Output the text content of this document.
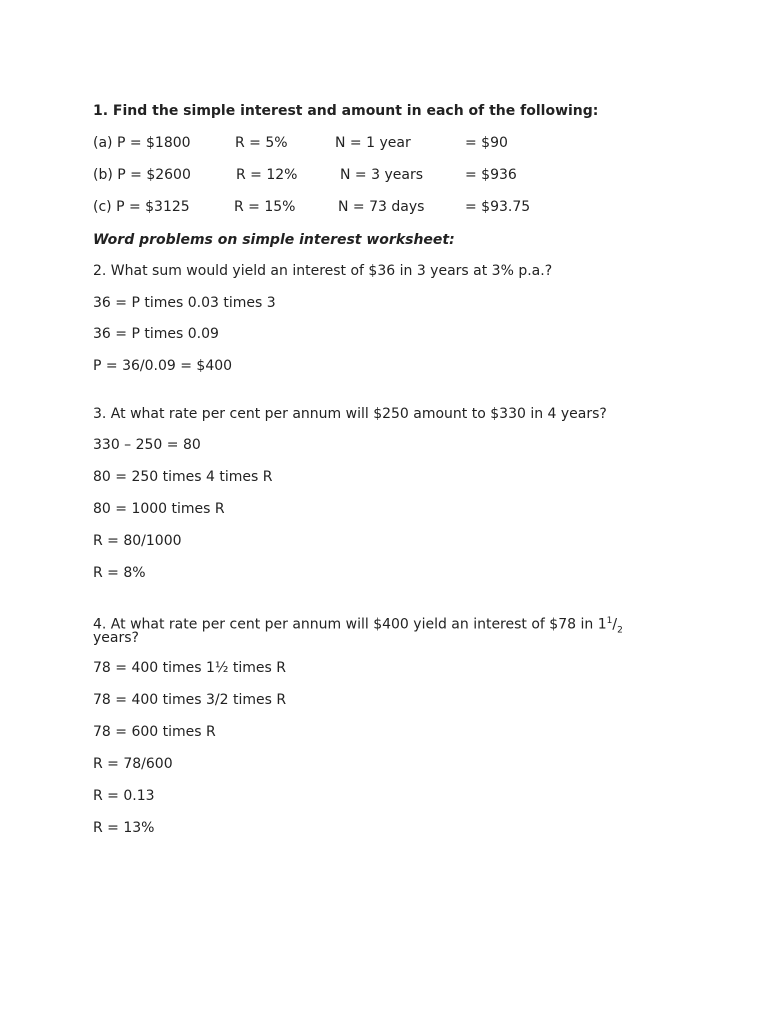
1. Find the simple interest and amount in each of the following:
(a) P = $1800	R = 5%	N = 1 year	= $90
(b) P = $2600	R = 12%	N = 3 years	= $936
(c) P = $3125	R = 15%	N = 73 days	= $93.75
Word problems on simple interest worksheet:
2. What sum would yield an interest of $36 in 3 years at 3% p.a.?
36 = P times 0.03 times 3
36 = P times 0.09
P = 36/0.09 = $400
3. At what rate per cent per annum will $250 amount to $330 in 4 years?
330 – 250 = 80
80 = 250 times 4 times R
80 = 1000 times R
R = 80/1000
R = 8%
4. At what rate per cent per annum will $400 yield an interest of $78 in $1^1/_2$
years?
78 = 400 times 1½ times R
78 = 400 times 3/2 times R
78 = 600 times R
R = 78/600
R = 0.13
R = 13%
